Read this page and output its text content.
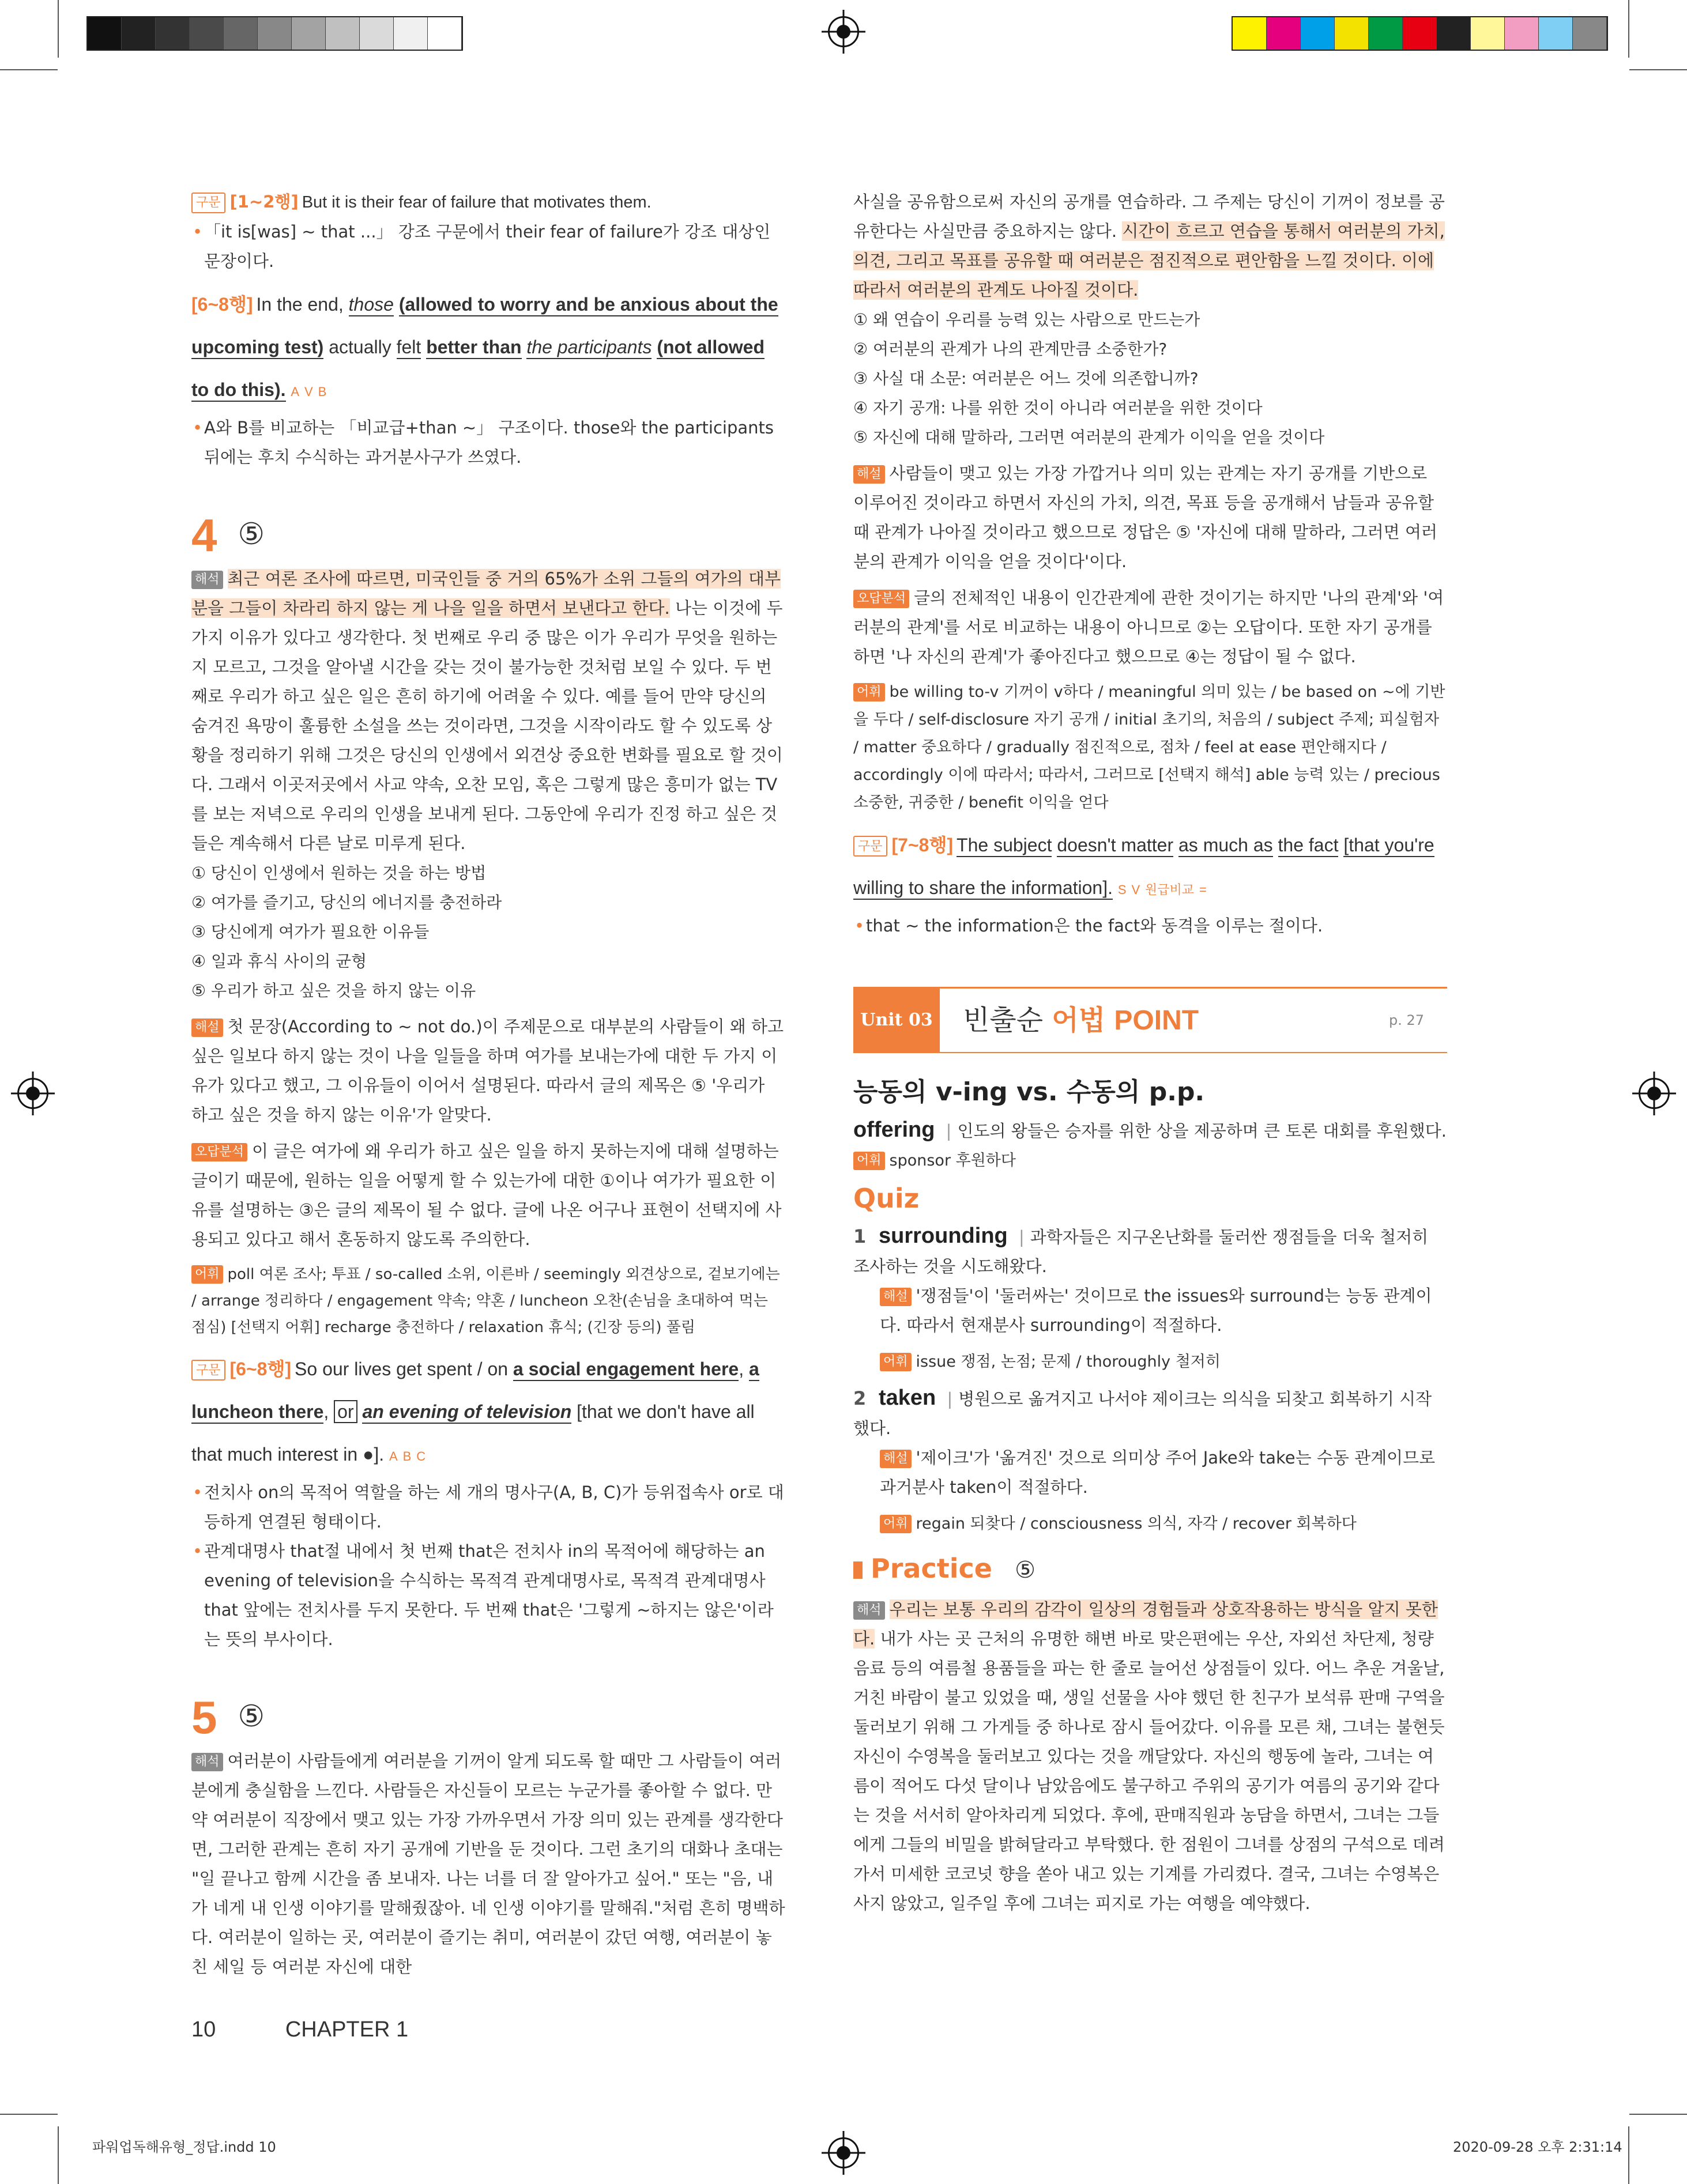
구문 [1~2행] But it is their fear of failure that motivates them.
• 「it is[was] ~ that ...」 강조 구문에서 their fear of failure가 강조 대상인 문장이다.
[6~8행] In the end, those (allowed to worry and be anxious about the upcoming test) actually felt better than the participants (not allowed to do this). A V B
• A와 B를 비교하는 「비교급+than ~」 구조이다. those와 the participants 뒤에는 후치 수식하는 과거분사구가 쓰였다.
4 ⑤
해석 최근 여론 조사에 따르면, 미국인들 중 거의 65%가 소위 그들의 여가의 대부분을 그들이 차라리 하지 않는 게 나을 일을 하면서 보낸다고 한다. 나는 이것에 두 가지 이유가 있다고 생각한다. 첫 번째로 우리 중 많은 이가 우리가 무엇을 원하는지 모르고, 그것을 알아낼 시간을 갖는 것이 불가능한 것처럼 보일 수 있다. 두 번째로 우리가 하고 싶은 일은 흔히 하기에 어려울 수 있다. 예를 들어 만약 당신의 숨겨진 욕망이 훌륭한 소설을 쓰는 것이라면, 그것을 시작이라도 할 수 있도록 상황을 정리하기 위해 그것은 당신의 인생에서 외견상 중요한 변화를 필요로 할 것이다. 그래서 이곳저곳에서 사교 약속, 오찬 모임, 혹은 그렇게 많은 흥미가 없는 TV를 보는 저녁으로 우리의 인생을 보내게 된다. 그동안에 우리가 진정 하고 싶은 것들은 계속해서 다른 날로 미루게 된다.
① 당신이 인생에서 원하는 것을 하는 방법
② 여가를 즐기고, 당신의 에너지를 충전하라
③ 당신에게 여가가 필요한 이유들
④ 일과 휴식 사이의 균형
⑤ 우리가 하고 싶은 것을 하지 않는 이유
해설 첫 문장(According to ~ not do.)이 주제문으로 대부분의 사람들이 왜 하고 싶은 일보다 하지 않는 것이 나을 일들을 하며 여가를 보내는가에 대한 두 가지 이유가 있다고 했고, 그 이유들이 이어서 설명된다. 따라서 글의 제목은 ⑤ '우리가 하고 싶은 것을 하지 않는 이유'가 알맞다.
오답분석 이 글은 여가에 왜 우리가 하고 싶은 일을 하지 못하는지에 대해 설명하는 글이기 때문에, 원하는 일을 어떻게 할 수 있는가에 대한 ①이나 여가가 필요한 이유를 설명하는 ③은 글의 제목이 될 수 없다. 글에 나온 어구나 표현이 선택지에 사용되고 있다고 해서 혼동하지 않도록 주의한다.
어휘 poll 여론 조사; 투표 / so-called 소위, 이른바 / seemingly 외견상으로, 겉보기에는 / arrange 정리하다 / engagement 약속; 약혼 / luncheon 오찬(손님을 초대하여 먹는 점심) [선택지 어휘] recharge 충전하다 / relaxation 휴식; (긴장 등의) 풀림
구문 [6~8행] So our lives get spent / on a social engagement here, a luncheon there, or an evening of television [that we don't have all that much interest in ●]. A B C
• 전치사 on의 목적어 역할을 하는 세 개의 명사구(A, B, C)가 등위접속사 or로 대등하게 연결된 형태이다.
• 관계대명사 that절 내에서 첫 번째 that은 전치사 in의 목적어에 해당하는 an evening of television을 수식하는 목적격 관계대명사로, 목적격 관계대명사 that 앞에는 전치사를 두지 못한다. 두 번째 that은 '그렇게 ~하지는 않은'이라는 뜻의 부사이다.
5 ⑤
해석 여러분이 사람들에게 여러분을 기꺼이 알게 되도록 할 때만 그 사람들이 여러분에게 충실함을 느낀다. 사람들은 자신들이 모르는 누군가를 좋아할 수 없다. 만약 여러분이 직장에서 맺고 있는 가장 가까우면서 가장 의미 있는 관계를 생각한다면, 그러한 관계는 흔히 자기 공개에 기반을 둔 것이다. 그런 초기의 대화나 초대는 "일 끝나고 함께 시간을 좀 보내자. 나는 너를 더 잘 알아가고 싶어." 또는 "음, 내가 네게 내 인생 이야기를 말해줬잖아. 네 인생 이야기를 말해줘."처럼 흔히 명백하다. 여러분이 일하는 곳, 여러분이 즐기는 취미, 여러분이 갔던 여행, 여러분이 놓친 세일 등 여러분 자신에 대한
사실을 공유함으로써 자신의 공개를 연습하라. 그 주제는 당신이 기꺼이 정보를 공유한다는 사실만큼 중요하지는 않다. 시간이 흐르고 연습을 통해서 여러분의 가치, 의견, 그리고 목표를 공유할 때 여러분은 점진적으로 편안함을 느낄 것이다. 이에 따라서 여러분의 관계도 나아질 것이다.
① 왜 연습이 우리를 능력 있는 사람으로 만드는가
② 여러분의 관계가 나의 관계만큼 소중한가?
③ 사실 대 소문: 여러분은 어느 것에 의존합니까?
④ 자기 공개: 나를 위한 것이 아니라 여러분을 위한 것이다
⑤ 자신에 대해 말하라, 그러면 여러분의 관계가 이익을 얻을 것이다
해설 사람들이 맺고 있는 가장 가깝거나 의미 있는 관계는 자기 공개를 기반으로 이루어진 것이라고 하면서 자신의 가치, 의견, 목표 등을 공개해서 남들과 공유할 때 관계가 나아질 것이라고 했으므로 정답은 ⑤ '자신에 대해 말하라, 그러면 여러분의 관계가 이익을 얻을 것이다'이다.
오답분석 글의 전체적인 내용이 인간관계에 관한 것이기는 하지만 '나의 관계'와 '여러분의 관계'를 서로 비교하는 내용이 아니므로 ②는 오답이다. 또한 자기 공개를 하면 '나 자신의 관계'가 좋아진다고 했으므로 ④는 정답이 될 수 없다.
어휘 be willing to-v 기꺼이 v하다 / meaningful 의미 있는 / be based on ~에 기반을 두다 / self-disclosure 자기 공개 / initial 초기의, 처음의 / subject 주제; 피실험자 / matter 중요하다 / gradually 점진적으로, 점차 / feel at ease 편안해지다 / accordingly 이에 따라서; 따라서, 그러므로 [선택지 해석] able 능력 있는 / precious 소중한, 귀중한 / benefit 이익을 얻다
구문 [7~8행] The subject doesn't matter as much as the fact [that you're willing to share the information]. S V 원급비교 =
• that ~ the information은 the fact와 동격을 이루는 절이다.
Unit 03 빈출순 어법 POINT	p. 27
능동의 v-ing vs. 수동의 p.p.
offering | 인도의 왕들은 승자를 위한 상을 제공하며 큰 토론 대회를 후원했다.
어휘 sponsor 후원하다
Quiz
1 surrounding | 과학자들은 지구온난화를 둘러싼 쟁점들을 더욱 철저히 조사하는 것을 시도해왔다.
해설 '쟁점들'이 '둘러싸는' 것이므로 the issues와 surround는 능동 관계이다. 따라서 현재분사 surrounding이 적절하다.
어휘 issue 쟁점, 논점; 문제 / thoroughly 철저히
2 taken | 병원으로 옮겨지고 나서야 제이크는 의식을 되찾고 회복하기 시작했다.
해설 '제이크'가 '옮겨진' 것으로 의미상 주어 Jake와 take는 수동 관계이므로 과거분사 taken이 적절하다.
어휘 regain 되찾다 / consciousness 의식, 자각 / recover 회복하다
Practice ⑤
해석 우리는 보통 우리의 감각이 일상의 경험들과 상호작용하는 방식을 알지 못한다. 내가 사는 곳 근처의 유명한 해변 바로 맞은편에는 우산, 자외선 차단제, 청량음료 등의 여름철 용품들을 파는 한 줄로 늘어선 상점들이 있다. 어느 추운 겨울날, 거친 바람이 불고 있었을 때, 생일 선물을 사야 했던 한 친구가 보석류 판매 구역을 둘러보기 위해 그 가게들 중 하나로 잠시 들어갔다. 이유를 모른 채, 그녀는 불현듯 자신이 수영복을 둘러보고 있다는 것을 깨달았다. 자신의 행동에 놀라, 그녀는 여름이 적어도 다섯 달이나 남았음에도 불구하고 주위의 공기가 여름의 공기와 같다는 것을 서서히 알아차리게 되었다. 후에, 판매직원과 농담을 하면서, 그녀는 그들에게 그들의 비밀을 밝혀달라고 부탁했다. 한 점원이 그녀를 상점의 구석으로 데려가서 미세한 코코넛 향을 쏟아 내고 있는 기계를 가리켰다. 결국, 그녀는 수영복은 사지 않았고, 일주일 후에 그녀는 피지로 가는 여행을 예약했다.
10	CHAPTER 1
파워업독해유형_정답.indd 10	2020-09-28 오후 2:31:14
